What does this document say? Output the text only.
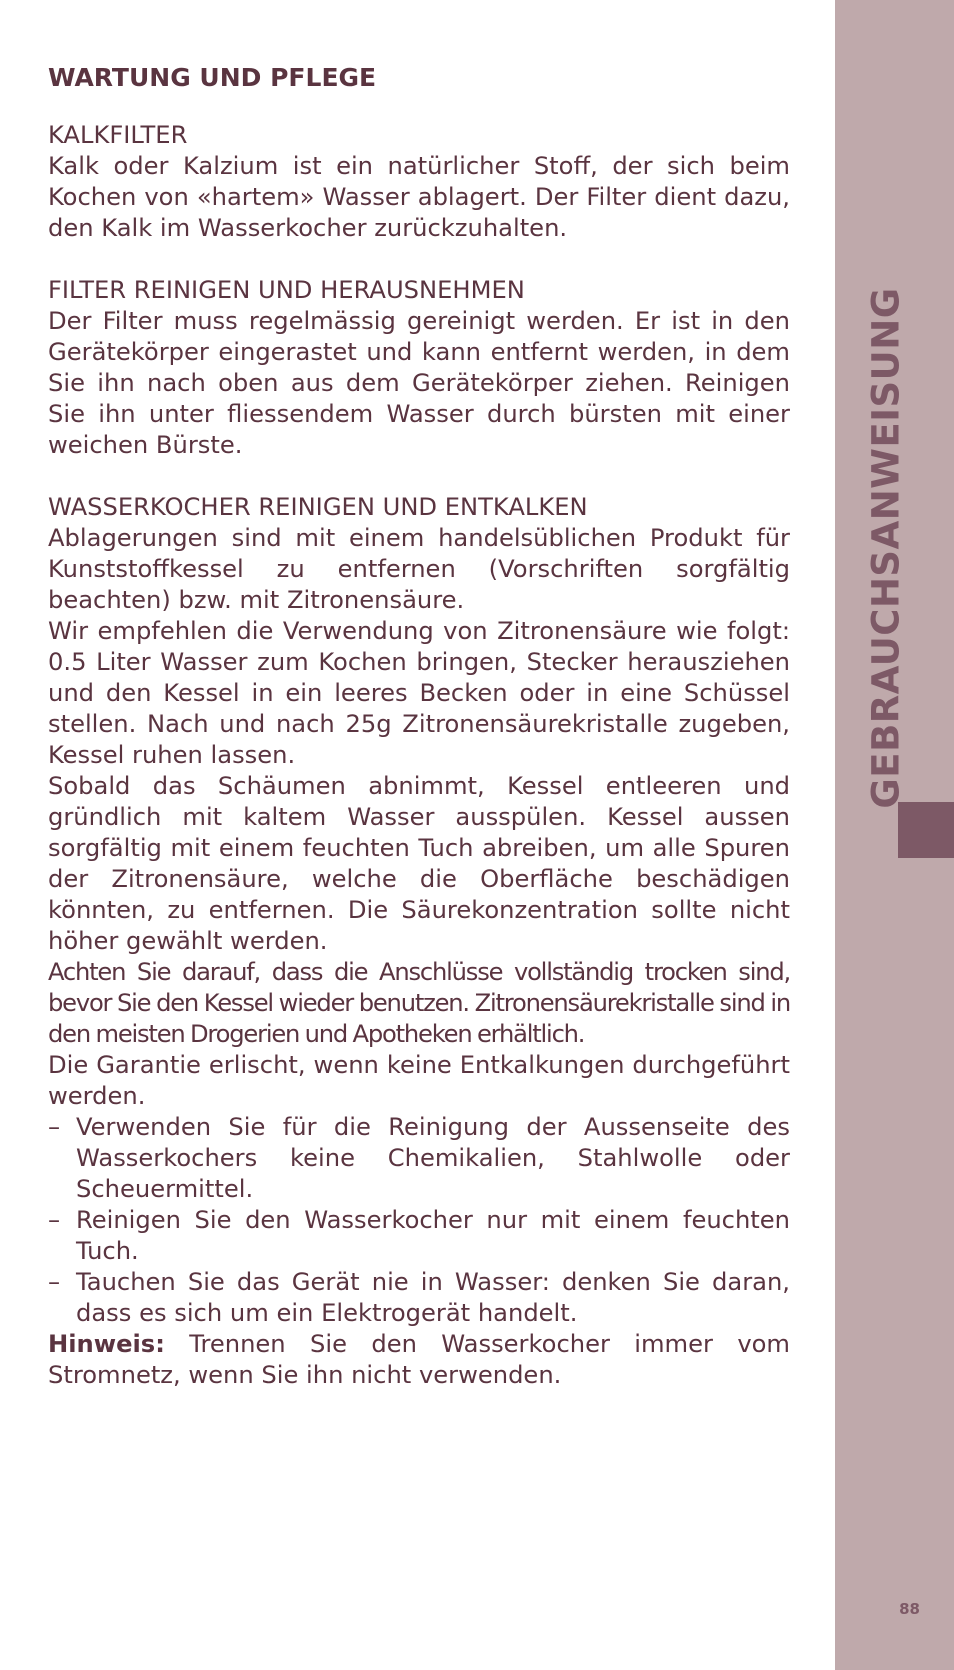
WARTUNG UND PFLEGE
KALKFILTER

Kalk oder Kalzium ist ein natürlicher Stoff, der sich beim Kochen von «hartem» Wasser ablagert. Der Filter dient dazu, den Kalk im Wasserkocher zurückzuhalten.

FILTER REINIGEN UND HERAUSNEHMEN

Der Filter muss regelmässig gereinigt werden. Er ist in den Gerätekörper eingerastet und kann entfernt werden, in dem Sie ihn nach oben aus dem Gerätekörper ziehen. Reinigen Sie ihn unter fliessendem Wasser durch bürsten mit einer weichen Bürste.

WASSERKOCHER REINIGEN UND ENTKALKEN

Ablagerungen sind mit einem handelsüblichen Produkt für Kunststoffkessel zu entfernen (Vorschriften sorgfältig beachten) bzw. mit Zitronensäure.

Wir empfehlen die Verwendung von Zitronensäure wie folgt: 0.5 Liter Wasser zum Kochen bringen, Stecker herausziehen und den Kessel in ein leeres Becken oder in eine Schüssel stellen. Nach und nach 25g Zitronensäurekristalle zugeben, Kessel ruhen lassen.

Sobald das Schäumen abnimmt, Kessel entleeren und gründlich mit kaltem Wasser ausspülen. Kessel aussen sorgfältig mit einem feuchten Tuch abreiben, um alle Spuren der Zitronensäure, welche die Oberfläche beschädigen könnten, zu entfernen. Die Säurekonzentration sollte nicht höher gewählt werden.

Achten Sie darauf, dass die Anschlüsse vollständig trocken sind, bevor Sie den Kessel wieder benutzen. Zitronensäurekristalle sind in den meisten Drogerien und Apotheken erhältlich.

Die Garantie erlischt, wenn keine Entkalkungen durchgeführt werden.

– Verwenden Sie für die Reinigung der Aussenseite des Wasserkochers keine Chemikalien, Stahlwolle oder Scheuermittel.
– Reinigen Sie den Wasserkocher nur mit einem feuchten Tuch.
– Tauchen Sie das Gerät nie in Wasser: denken Sie daran, dass es sich um ein Elektrogerät handelt.

Hinweis: Trennen Sie den Wasserkocher immer vom Stromnetz, wenn Sie ihn nicht verwenden.

GEBRAUCHSANWEISUNG
88
